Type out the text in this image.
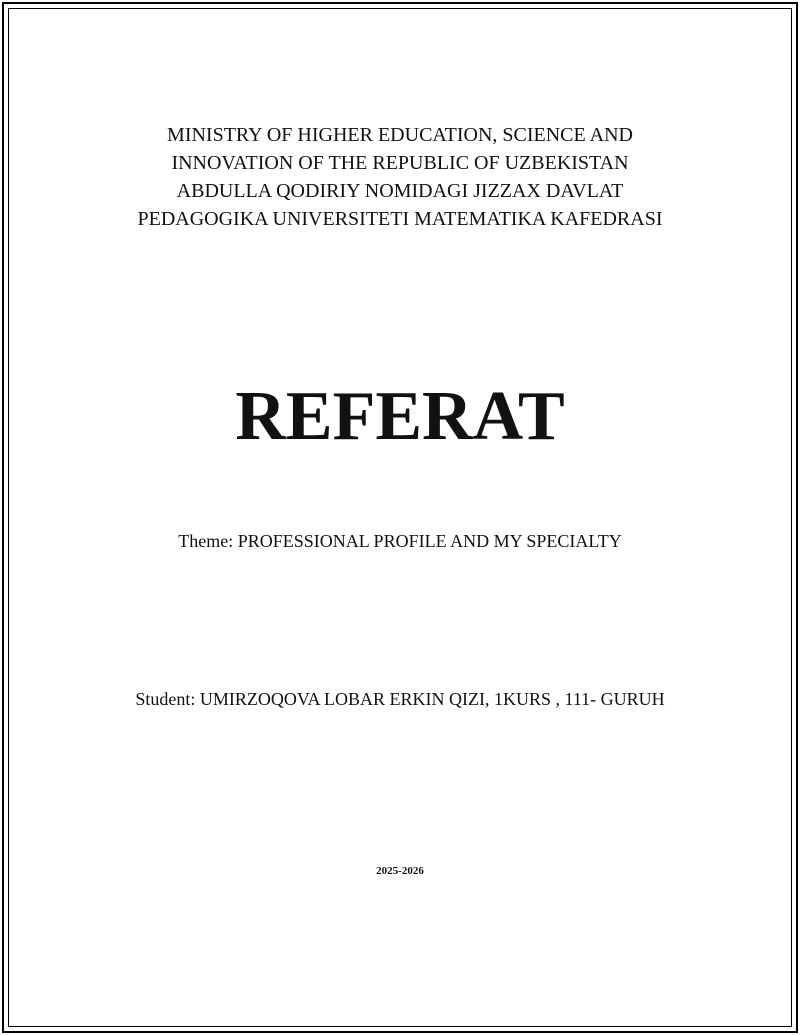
MINISTRY OF HIGHER EDUCATION, SCIENCE AND
INNOVATION OF THE REPUBLIC OF UZBEKISTAN
ABDULLA QODIRIY NOMIDAGI JIZZAX DAVLAT
PEDAGOGIKA UNIVERSITETI MATEMATIKA KAFEDRASI
REFERAT
Theme: PROFESSIONAL PROFILE AND MY SPECIALTY
Student: UMIRZOQOVA LOBAR ERKIN QIZI, 1KURS , 111- GURUH
2025-2026
